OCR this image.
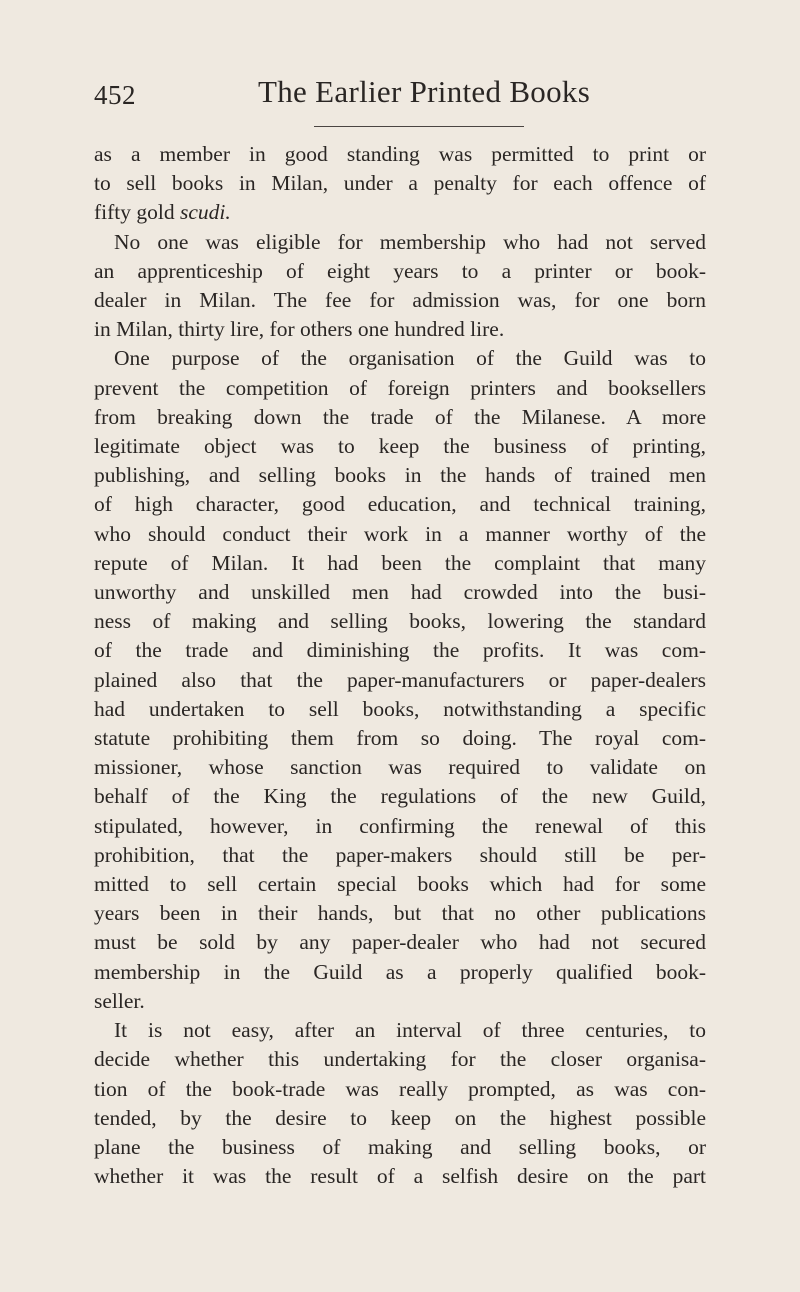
452	The Earlier Printed Books
as a member in good standing was permitted to print or
to sell books in Milan, under a penalty for each offence of
fifty gold scudi.
No one was eligible for membership who had not served
an apprenticeship of eight years to a printer or book-
dealer in Milan. The fee for admission was, for one born
in Milan, thirty lire, for others one hundred lire.
One purpose of the organisation of the Guild was to
prevent the competition of foreign printers and booksellers
from breaking down the trade of the Milanese. A more
legitimate object was to keep the business of printing,
publishing, and selling books in the hands of trained men
of high character, good education, and technical training,
who should conduct their work in a manner worthy of the
repute of Milan. It had been the complaint that many
unworthy and unskilled men had crowded into the busi-
ness of making and selling books, lowering the standard
of the trade and diminishing the profits. It was com-
plained also that the paper-manufacturers or paper-dealers
had undertaken to sell books, notwithstanding a specific
statute prohibiting them from so doing. The royal com-
missioner, whose sanction was required to validate on
behalf of the King the regulations of the new Guild,
stipulated, however, in confirming the renewal of this
prohibition, that the paper-makers should still be per-
mitted to sell certain special books which had for some
years been in their hands, but that no other publications
must be sold by any paper-dealer who had not secured
membership in the Guild as a properly qualified book-
seller.
It is not easy, after an interval of three centuries, to
decide whether this undertaking for the closer organisa-
tion of the book-trade was really prompted, as was con-
tended, by the desire to keep on the highest possible
plane the business of making and selling books, or
whether it was the result of a selfish desire on the part
